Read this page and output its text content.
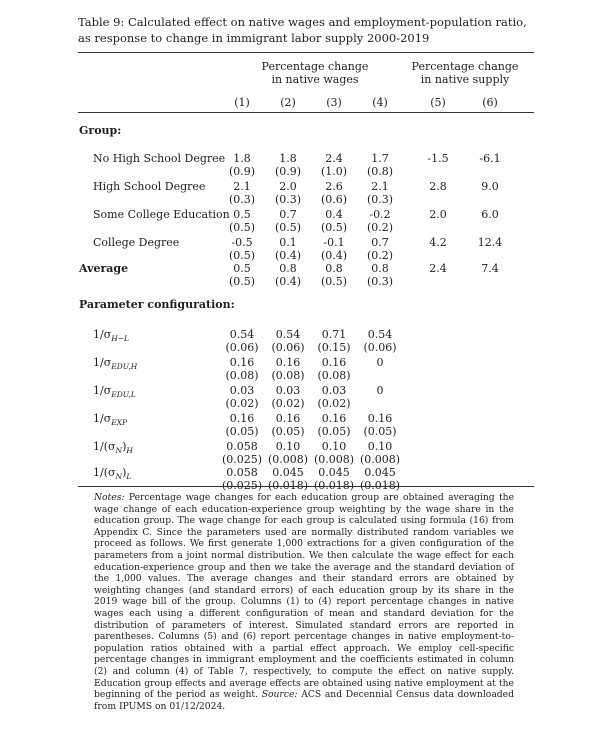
Table 9: Calculated effect on native wages and employment-population ratio, as response to change in immigrant labor supply 2000-2019
Percentage change
in native wages
Percentage change
in native supply
(1)	(2)	(3)	(4)	(5)	(6)
Group:
No High School Degree 1.8	1.8	2.4	1.7	-1.5	-6.1
(0.9)	(0.9)	(1.0)	(0.8)
High School Degree	2.1	2.0	2.6	2.1	2.8	9.0
(0.3)	(0.3)	(0.6)	(0.3)
Some College Education 0.5	0.7	0.4	-0.2	2.0	6.0
(0.5)	(0.5)	(0.5)	(0.2)
College Degree	-0.5	0.1	-0.1	0.7	4.2	12.4
(0.5)	(0.4)	(0.4)	(0.2)
Average	0.5	0.8	0.8	0.8	2.4	7.4
(0.5)	(0.4)	(0.5)	(0.3)
Parameter configuration:
$1/\sigma_{H-L}$	0.54	0.54	0.71	0.54
(0.06)	(0.06)	(0.15)	(0.06)
$1/\sigma_{EDU,H}$	0.16	0.16	0.16	0
(0.08)	(0.08)	(0.08)
$1/\sigma_{EDU,L}$	0.03	0.03	0.03	0
(0.02)	(0.02)	(0.02)
$1/\sigma_{EXP}$	0.16	0.16	0.16	0.16
(0.05)	(0.05)	(0.05)	(0.05)
$1/(\sigma_N)_H$	0.058	0.10	0.10	0.10
(0.025) (0.008) (0.008) (0.008)
$1/(\sigma_N)_L$	0.058	0.045	0.045	0.045
(0.025) (0.018) (0.018) (0.018)
Notes: Percentage wage changes for each education group are obtained averaging the wage change of each education-experience group weighting by the wage share in the education group. The wage change for each group is calculated using formula (16) from Appendix C. Since the parameters used are normally distributed random variables we proceed as follows. We first generate 1,000 extractions for a given configuration of the parameters from a joint normal distribution. We then calculate the wage effect for each education-experience group and then we take the average and the standard deviation of the 1,000 values. The average changes and their standard errors are obtained by weighting changes (and standard errors) of each education group by its share in the 2019 wage bill of the group. Columns (1) to (4) report percentage changes in native wages each using a different configuration of mean and standard deviation for the distribution of parameters of interest. Simulated standard errors are reported in parentheses. Columns (5) and (6) report percentage changes in native employment-to-population ratios obtained with a partial effect approach. We employ cell-specific percentage changes in immigrant employment and the coefficients estimated in column (2) and column (4) of Table 7, respectively, to compute the effect on native supply. Education group effects and average effects are obtained using native employment at the beginning of the period as weight. Source: ACS and Decennial Census data downloaded from IPUMS on 01/12/2024.
